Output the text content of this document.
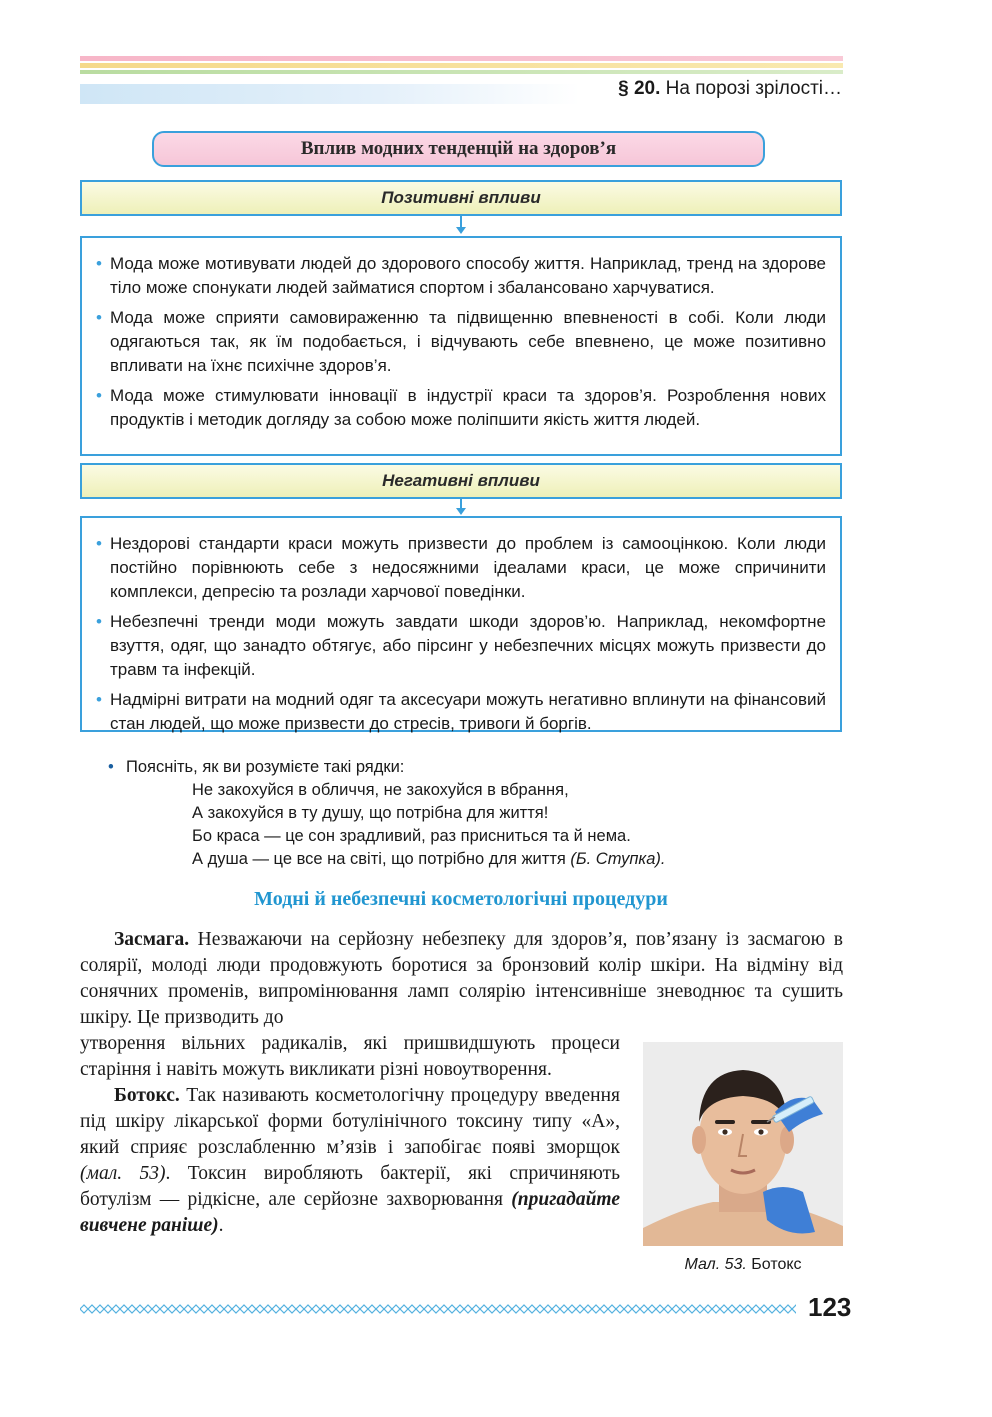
§ 20. На порозі зрілості…
Вплив модних тенденцій на здоров’я
Позитивні впливи
• Мода може мотивувати людей до здорового способу життя. Наприклад, тренд на здорове тіло може спонукати людей займатися спортом і збалансовано харчуватися.
• Мода може сприяти самовираженню та підвищенню впевненості в собі. Коли люди одягаються так, як їм подобається, і відчувають себе впевнено, це може позитивно впливати на їхнє психічне здоров’я.
• Мода може стимулювати інновації в індустрії краси та здоров’я. Розроблення нових продуктів і методик догляду за собою може поліпшити якість життя людей.
Негативні впливи
• Нездорові стандарти краси можуть призвести до проблем із самооцінкою. Коли люди постійно порівнюють себе з недосяжними ідеалами краси, це може спричинити комплекси, депресію та розлади харчової поведінки.
• Небезпечні тренди моди можуть завдати шкоди здоров’ю. Наприклад, некомфортне взуття, одяг, що занадто обтягує, або пірсинг у небезпечних місцях можуть призвести до травм та інфекцій.
• Надмірні витрати на модний одяг та аксесуари можуть негативно вплинути на фінансовий стан людей, що може призвести до стресів, тривоги й боргів.
• Поясніть, як ви розумієте такі рядки:
Не закохуйся в обличчя, не закохуйся в вбрання,
А закохуйся в ту душу, що потрібна для життя!
Бо краса — це сон зрадливий, раз присниться та й нема.
А душа — це все на світі, що потрібно для життя (Б. Ступка).
Модні й небезпечні косметологічні процедури

Засмага. Незважаючи на серйозну небезпеку для здоров’я, пов’язану із засмагою в солярії, молоді люди продовжують боротися за бронзовий колір шкіри. На відміну від сонячних променів, випромінювання ламп солярію інтенсивніше зневоднює та сушить шкіру. Це призводить до

утворення вільних радикалів, які пришвидшують процеси старіння і навіть можуть викликати різні новоутворення.

Ботокс. Так називають косметологічну процедуру введення під шкіру лікарської форми ботулінічного токсину типу «А», який сприяє розслабленню м’язів і запобігає появі зморщок (мал. 53). Токсин виробляють бактерії, які спричиняють ботулізм — рідкісне, але серйозне захворювання (пригадайте вивчене раніше).

Мал. 53. Ботокс
123
